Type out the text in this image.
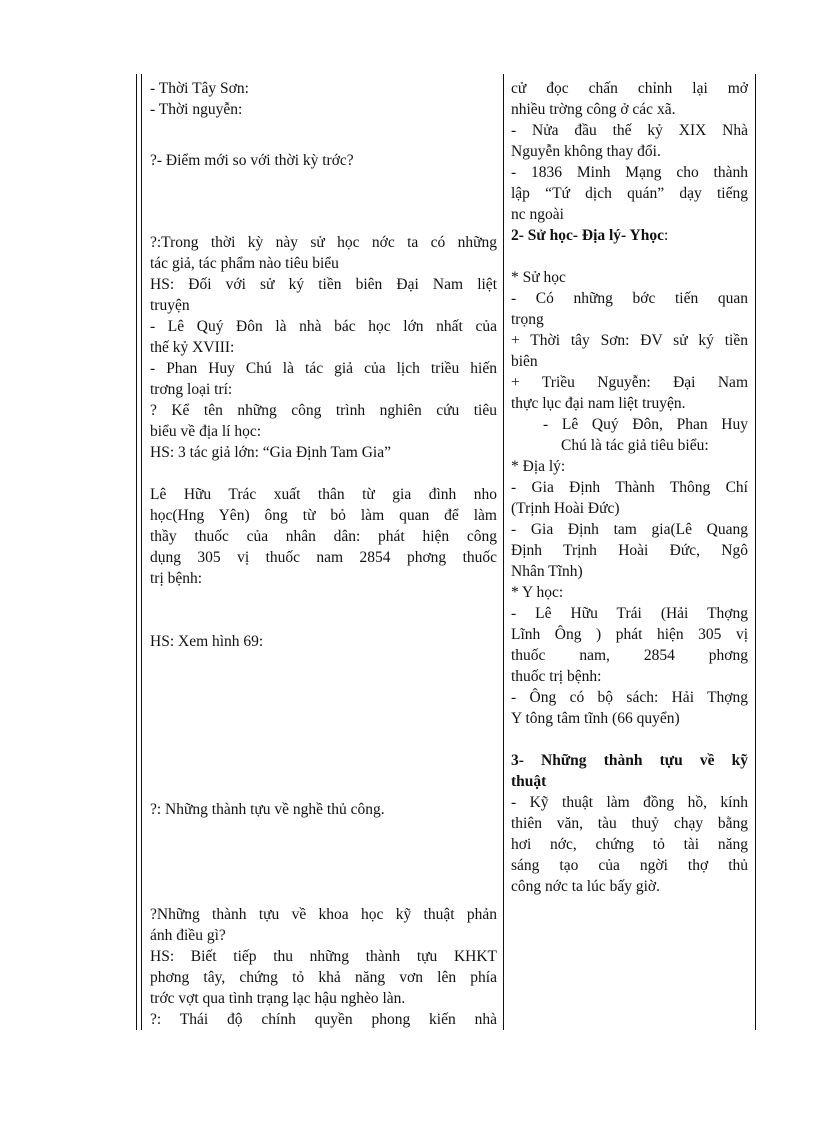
- Thời Tây Sơn:
- Thời nguyễn:
?- Điểm mới so với thời kỳ trớc?
?:Trong thời kỳ này sử học nớc ta có những
tác giả, tác phẩm nào tiêu biểu
HS: Đối với sử ký tiền biên Đại Nam liệt
truyện
- Lê Quý Đôn là nhà bác học lớn nhất của
thế kỷ XVIII:
- Phan Huy Chú là tác giả của lịch triều hiến
trơng loại trí:
? Kể tên những công trình nghiên cứu tiêu
biểu về địa lí học:
HS: 3 tác giả lớn: “Gia Định Tam Gia”
Lê Hữu Trác xuất thân từ gia đình nho
học(Hng Yên) ông từ bỏ làm quan để làm
thầy thuốc của nhân dân: phát hiện công
dụng 305 vị thuốc nam 2854 phơng thuốc
trị bệnh:
HS: Xem hình 69:
?: Những thành tựu về nghề thủ công.
?Những thành tựu về khoa học kỹ thuật phản
ánh điều gì?
HS: Biết tiếp thu những thành tựu KHKT
phơng tây, chứng tỏ khả năng vơn lên phía
trớc vợt qua tình trạng lạc hậu nghèo làn.
?: Thái độ chính quyền phong kiến nhà
cử đọc chấn chỉnh lại mở
nhiều trờng công ở các xã.
- Nửa đầu thế kỷ XIX Nhà
Nguyễn không thay đổi.
- 1836 Minh Mạng cho thành
lập “Tứ dịch quán” dạy tiếng
nc ngoài
2- Sử học- Địa lý- Yhọc:
* Sử học
- Có những bớc tiến quan
trọng
+ Thời tây Sơn: ĐV sử ký tiền
biên
+ Triều Nguyễn: Đại Nam
thực lục đại nam liệt truyện.
- Lê Quý Đôn, Phan Huy
Chú là tác giả tiêu biểu:
* Địa lý:
- Gia Định Thành Thông Chí
(Trịnh Hoài Đức)
- Gia Định tam gia(Lê Quang
Định Trịnh Hoài Đức, Ngô
Nhân Tĩnh)
* Y học:
- Lê Hữu Trái (Hải Thợng
Lĩnh Ông ) phát hiện 305 vị
thuốc nam, 2854 phơng
thuốc trị bệnh:
- Ông có bộ sách: Hải Thợng
Y tông tâm tĩnh (66 quyển)
3- Những thành tựu về kỹ
thuật
- Kỹ thuật làm đồng hồ, kính
thiên văn, tàu thuỷ chạy bằng
hơi nớc, chứng tỏ tài năng
sáng tạo của ngời thợ thủ
công nớc ta lúc bấy giờ.
